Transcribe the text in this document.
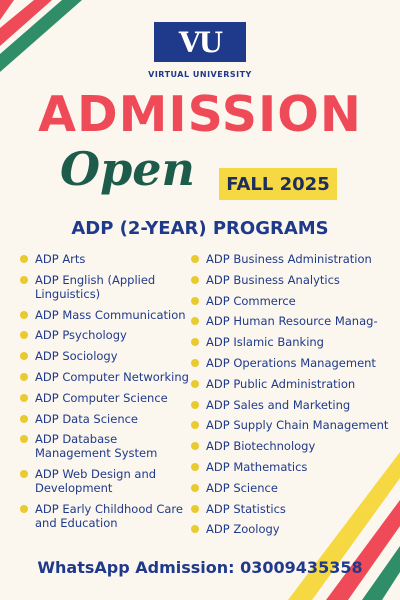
VU
VIRTUAL UNIVERSITY
ADMISSION
Open	FALL 2025
ADP (2-YEAR) PROGRAMS
ADP Arts
ADP English (Applied
Linguistics)
ADP Mass Communication
ADP Psychology
ADP Sociology
ADP Computer Networking
ADP Computer Science
ADP Data Science
ADP Database
Management System
ADP Web Design and
Development
ADP Early Childhood Care
and Education
ADP Business Administration
ADP Business Analytics
ADP Commerce
ADP Human Resource Manag-
ADP Islamic Banking
ADP Operations Management
ADP Public Administration
ADP Sales and Marketing
ADP Supply Chain Management
ADP Biotechnology
ADP Mathematics
ADP Science
ADP Statistics
ADP Zoology
WhatsApp Admission: 03009435358
